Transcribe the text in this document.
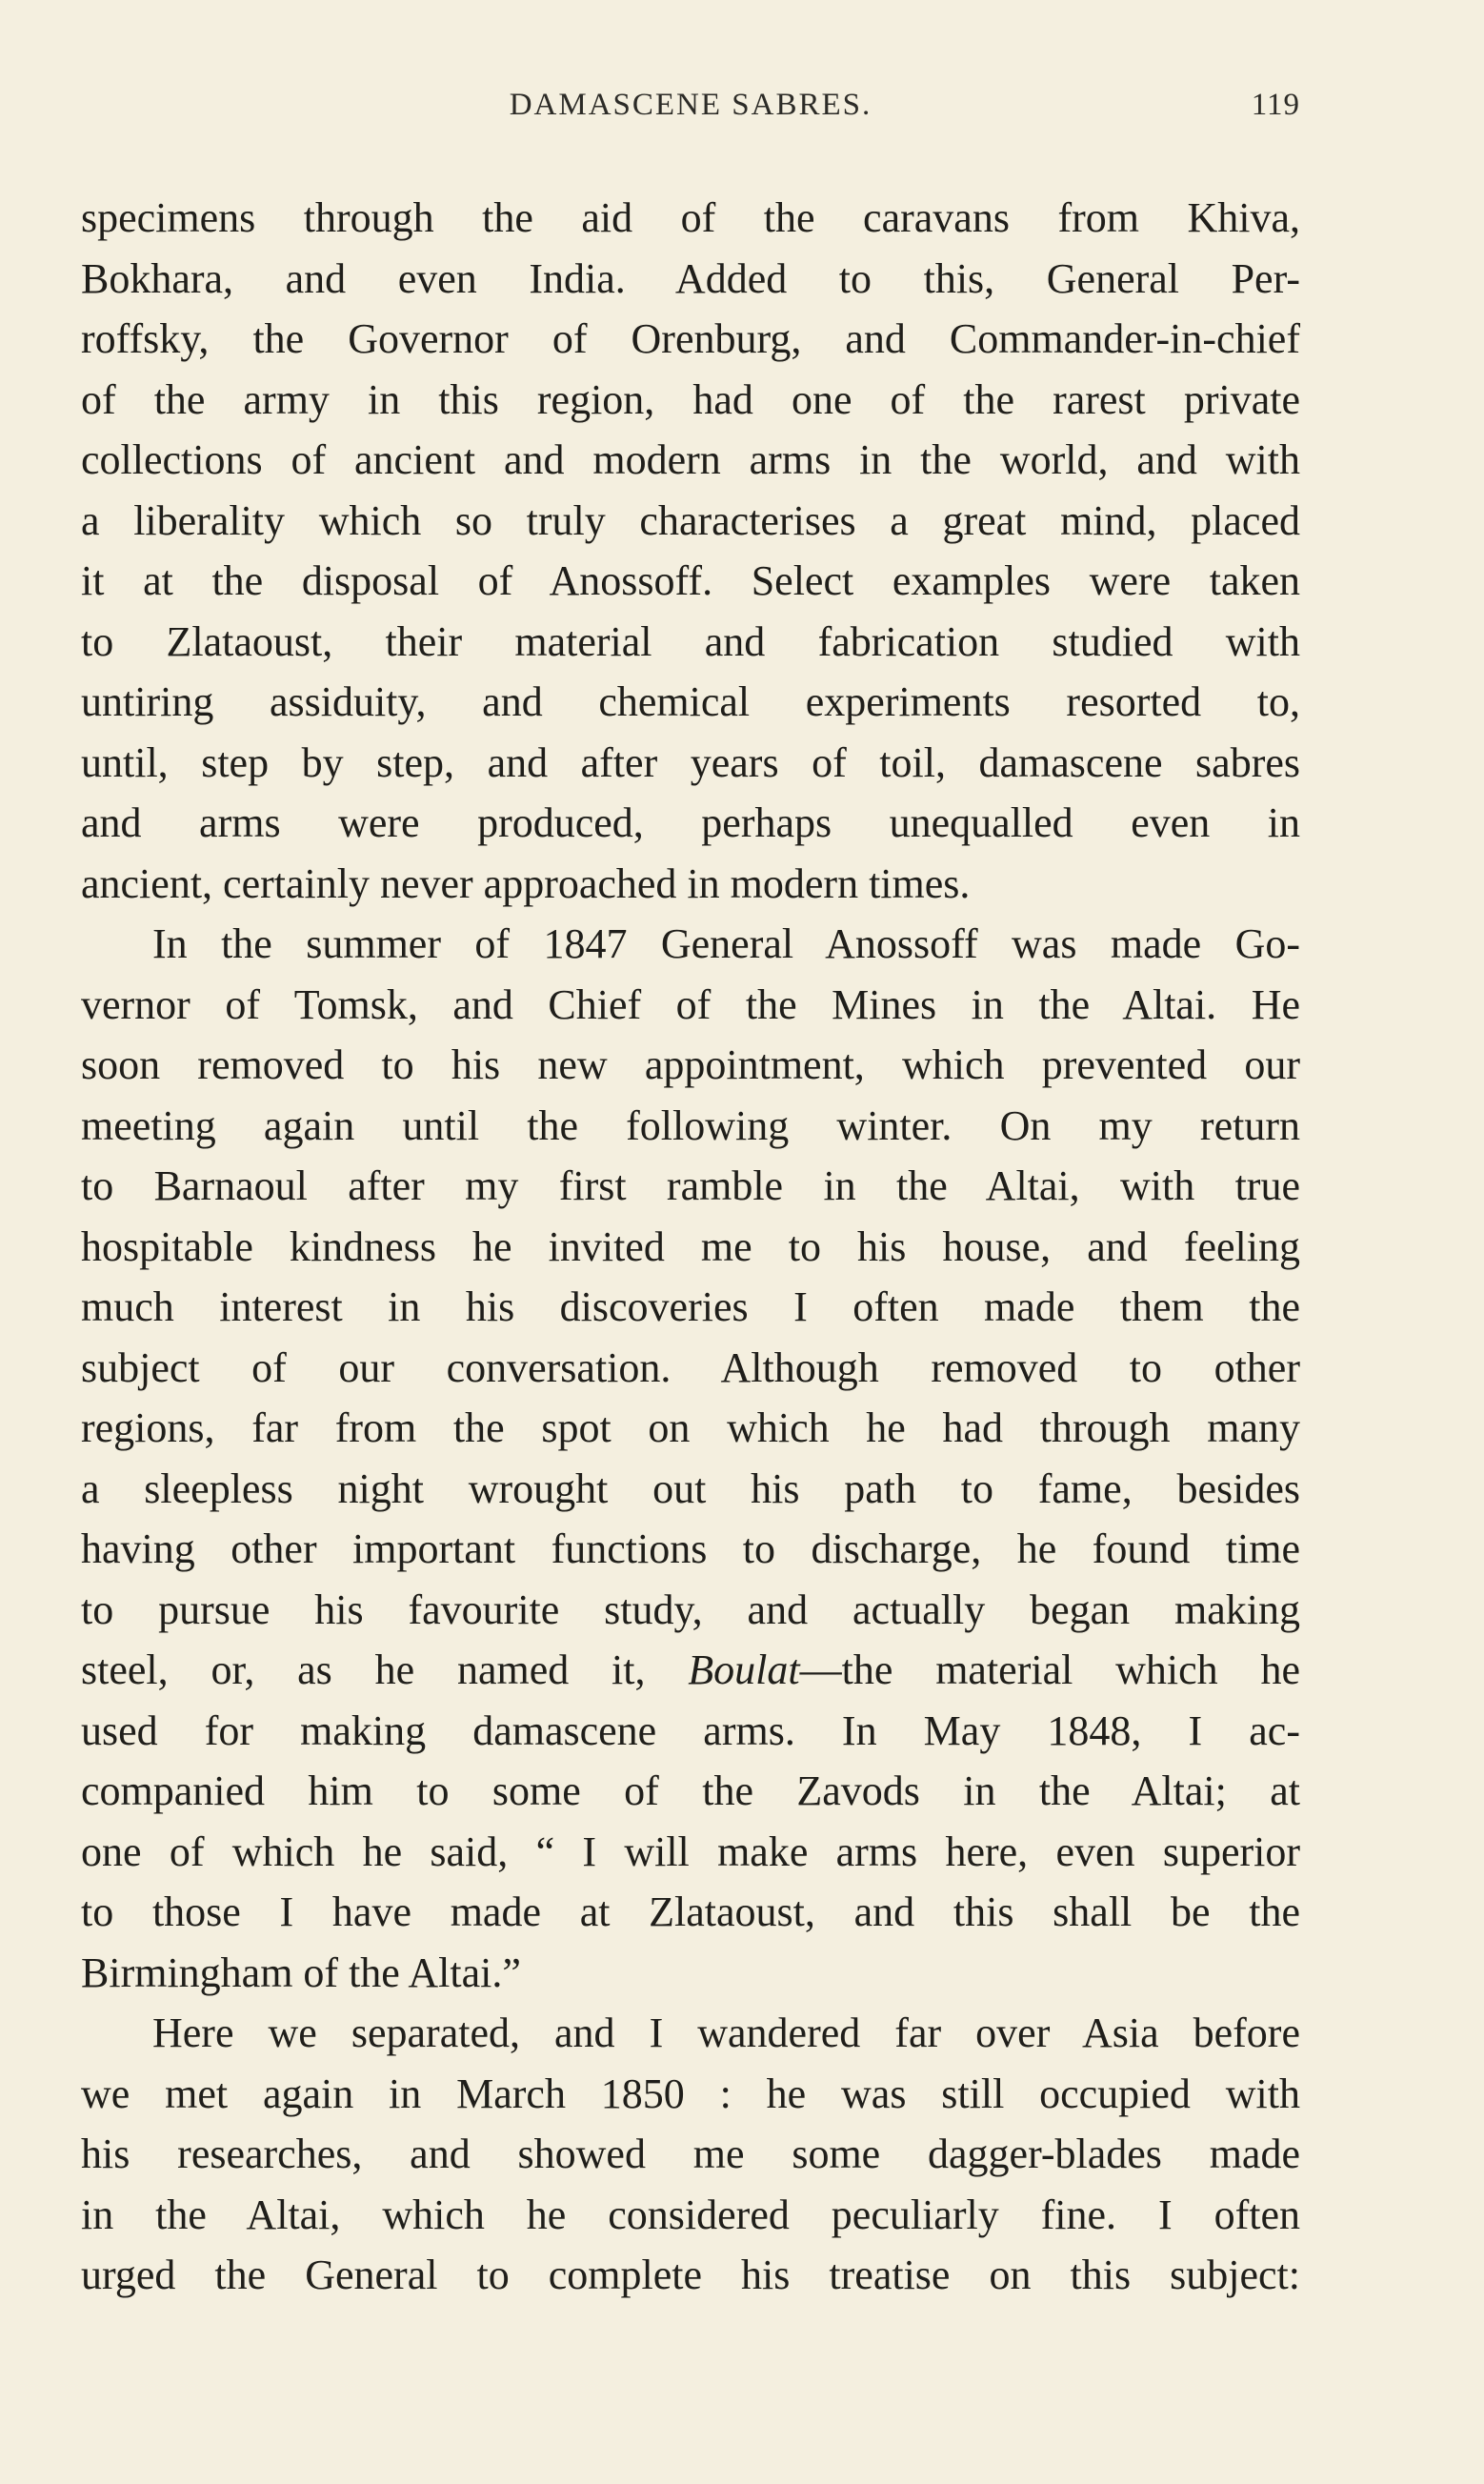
DAMASCENE SABRES.	119
specimens through the aid of the caravans from Khiva,
Bokhara, and even India. Added to this, General Per-
roffsky, the Governor of Orenburg, and Commander-in-chief
of the army in this region, had one of the rarest private
collections of ancient and modern arms in the world, and with
a liberality which so truly characterises a great mind, placed
it at the disposal of Anossoff. Select examples were taken
to Zlataoust, their material and fabrication studied with
untiring assiduity, and chemical experiments resorted to,
until, step by step, and after years of toil, damascene sabres
and arms were produced, perhaps unequalled even in
ancient, certainly never approached in modern times.
In the summer of 1847 General Anossoff was made Go-
vernor of Tomsk, and Chief of the Mines in the Altai. He
soon removed to his new appointment, which prevented our
meeting again until the following winter. On my return
to Barnaoul after my first ramble in the Altai, with true
hospitable kindness he invited me to his house, and feeling
much interest in his discoveries I often made them the
subject of our conversation. Although removed to other
regions, far from the spot on which he had through many
a sleepless night wrought out his path to fame, besides
having other important functions to discharge, he found time
to pursue his favourite study, and actually began making
steel, or, as he named it, Boulat—the material which he
used for making damascene arms. In May 1848, I ac-
companied him to some of the Zavods in the Altai; at
one of which he said, “ I will make arms here, even superior
to those I have made at Zlataoust, and this shall be the
Birmingham of the Altai.”
Here we separated, and I wandered far over Asia before
we met again in March 1850 : he was still occupied with
his researches, and showed me some dagger-blades made
in the Altai, which he considered peculiarly fine. I often
urged the General to complete his treatise on this subject:
